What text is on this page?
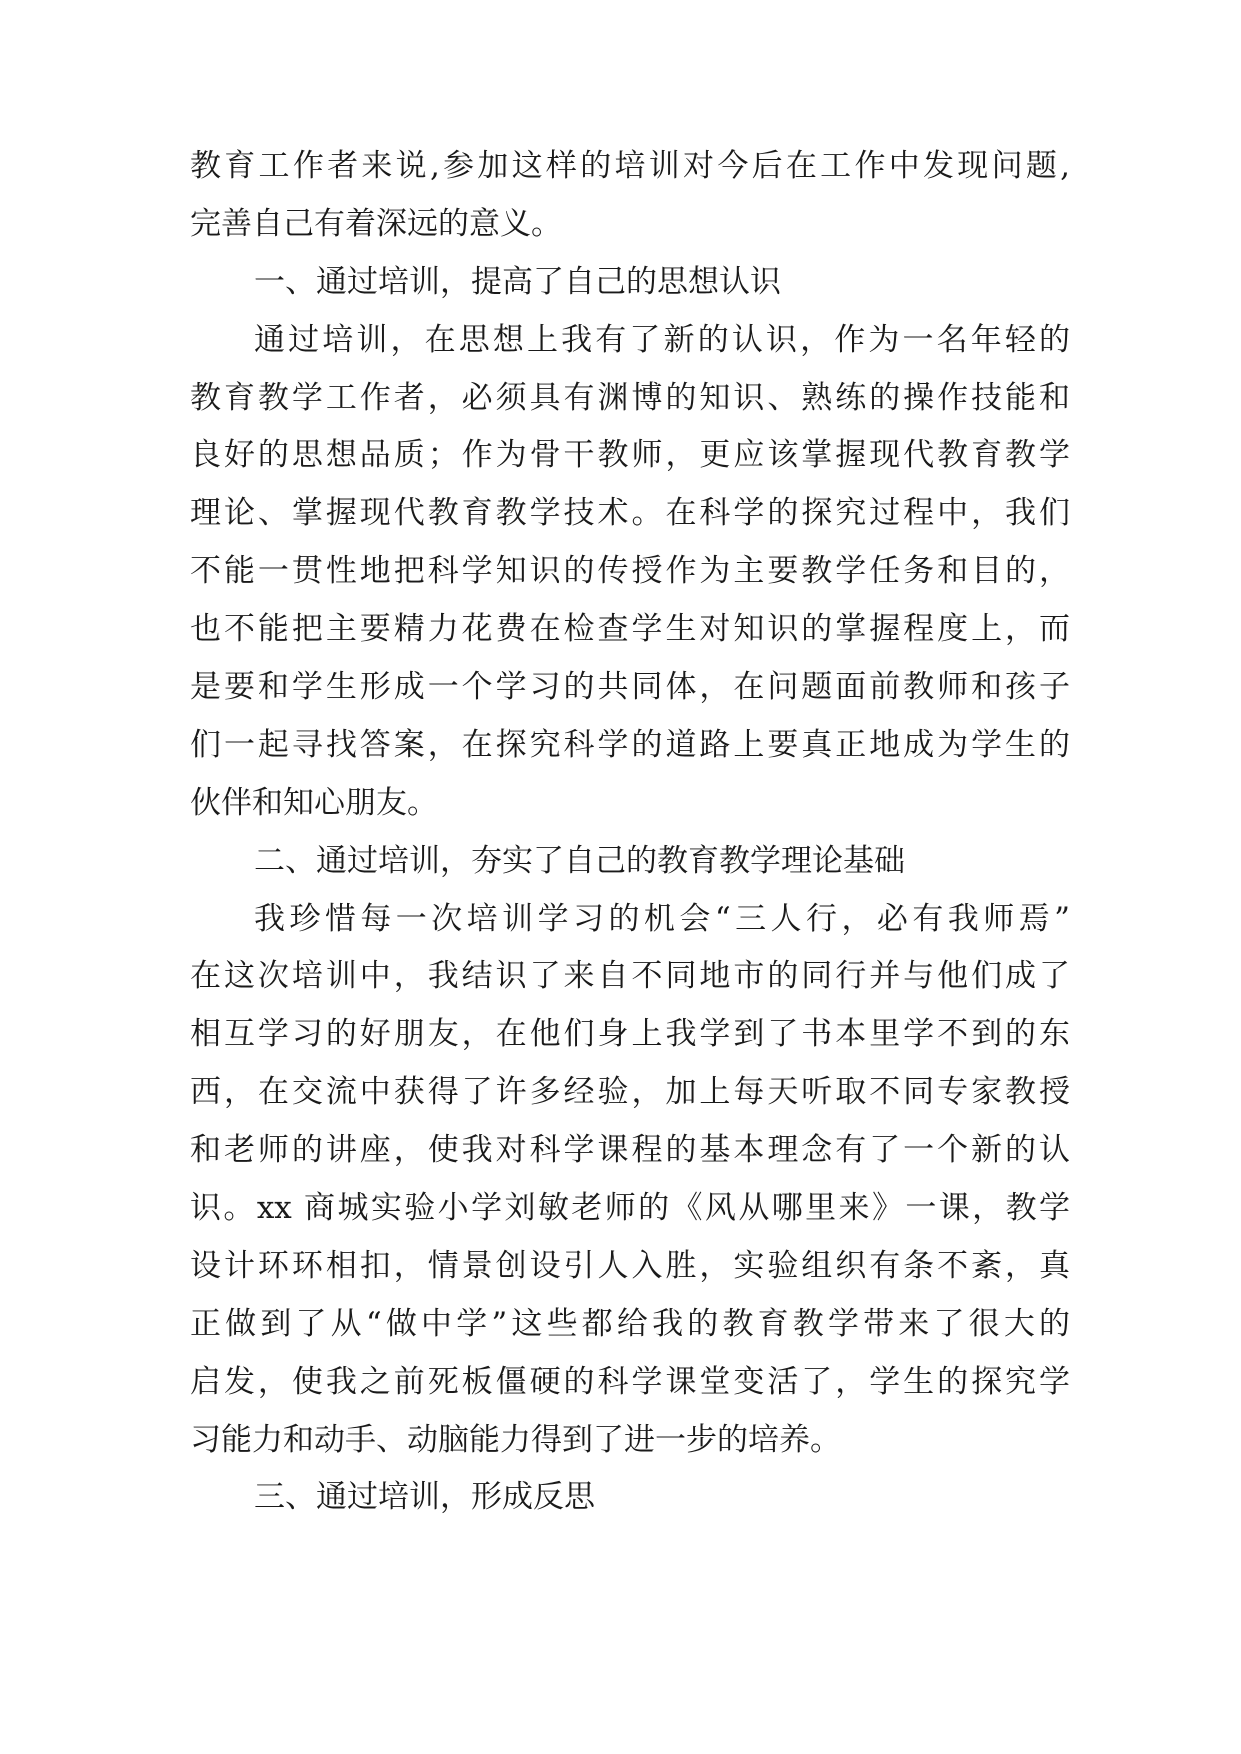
教育工作者来说,参加这样的培训对今后在工作中发现问题,
完善自己有着深远的意义。
一、通过培训，提高了自己的思想认识
通过培训，在思想上我有了新的认识，作为一名年轻的
教育教学工作者，必须具有渊博的知识、熟练的操作技能和
良好的思想品质；作为骨干教师，更应该掌握现代教育教学
理论、掌握现代教育教学技术。在科学的探究过程中，我们
不能一贯性地把科学知识的传授作为主要教学任务和目的，
也不能把主要精力花费在检查学生对知识的掌握程度上，而
是要和学生形成一个学习的共同体，在问题面前教师和孩子
们一起寻找答案，在探究科学的道路上要真正地成为学生的
伙伴和知心朋友。
二、通过培训，夯实了自己的教育教学理论基础
我珍惜每一次培训学习的机会“三人行，必有我师焉”
在这次培训中，我结识了来自不同地市的同行并与他们成了
相互学习的好朋友，在他们身上我学到了书本里学不到的东
西，在交流中获得了许多经验，加上每天听取不同专家教授
和老师的讲座，使我对科学课程的基本理念有了一个新的认
识。xx 商城实验小学刘敏老师的《风从哪里来》一课，教学
设计环环相扣，情景创设引人入胜，实验组织有条不紊，真
正做到了从“做中学”这些都给我的教育教学带来了很大的
启发，使我之前死板僵硬的科学课堂变活了，学生的探究学
习能力和动手、动脑能力得到了进一步的培养。
三、通过培训，形成反思
